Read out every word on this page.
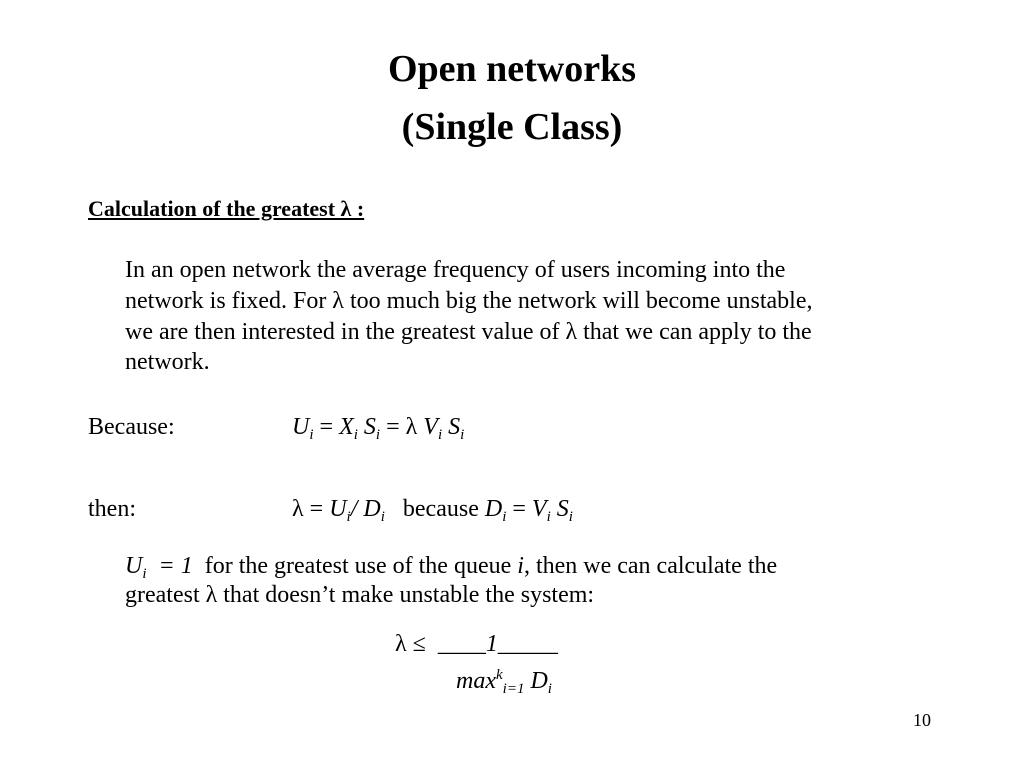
Open networks
(Single Class)
Calculation of the greatest λ :
In an open network the average frequency of users incoming into the
network is fixed. For λ too much big the network will become unstable,
we are then interested in the greatest value of λ that we can apply to the
network.
Because:	$U_i = X_i$ $S_i = \lambda$ $V_i$ $S_i$
then:	$\lambda = U_i/$ $D_i$ because $D_i = V_i$ $S_i$
$U_i = 1$ for the greatest use of the queue i, then we can calculate the
greatest λ that doesn’t make unstable the system:
λ ≤ ____1_____
$\max^k_{i=1} D_i$
10
